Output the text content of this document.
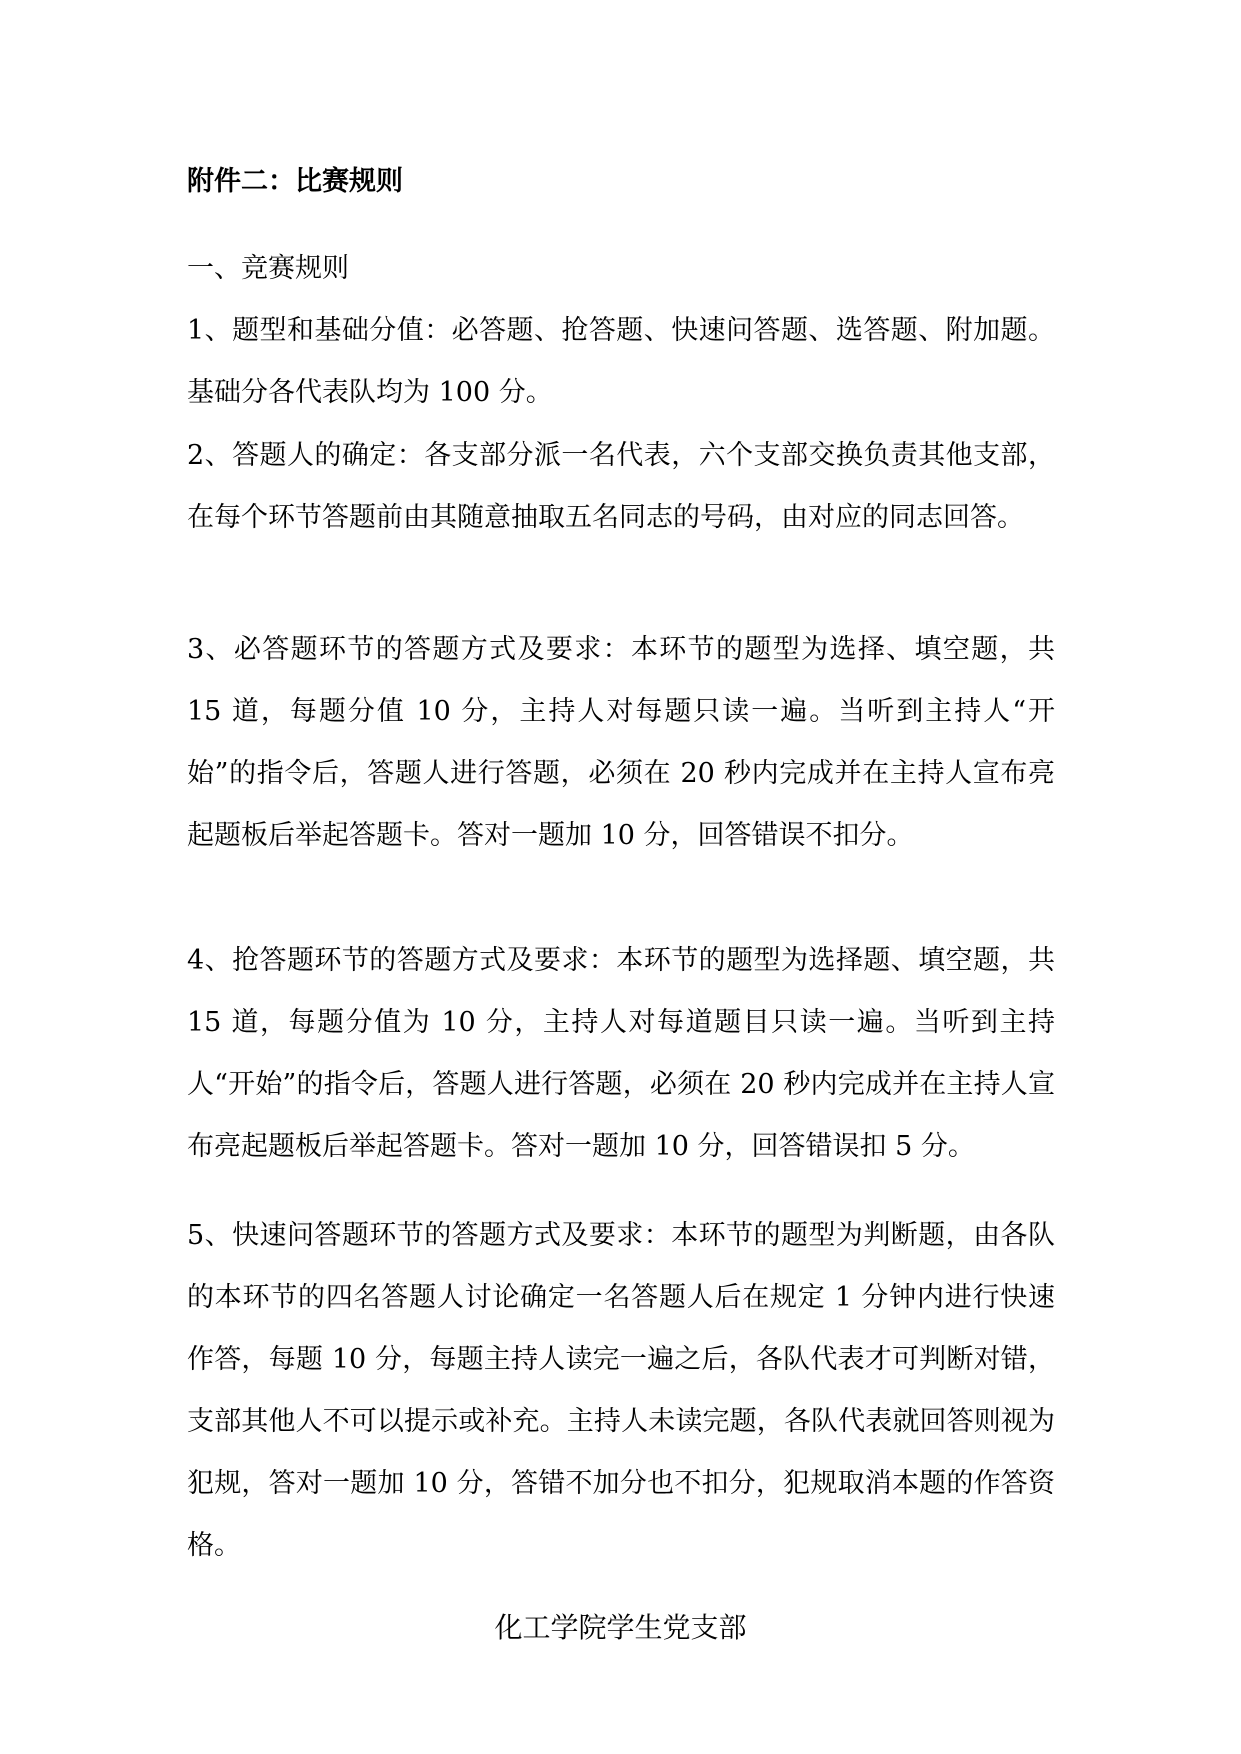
附件二：比赛规则
一、竞赛规则

1、题型和基础分值：必答题、抢答题、快速问答题、选答题、附加题。基础分各代表队均为 100 分。

2、答题人的确定：各支部分派一名代表，六个支部交换负责其他支部，在每个环节答题前由其随意抽取五名同志的号码，由对应的同志回答。

3、必答题环节的答题方式及要求：本环节的题型为选择、填空题，共 15 道，每题分值 10 分，主持人对每题只读一遍。当听到主持人“开始”的指令后，答题人进行答题，必须在 20 秒内完成并在主持人宣布亮起题板后举起答题卡。答对一题加 10 分，回答错误不扣分。

4、抢答题环节的答题方式及要求：本环节的题型为选择题、填空题，共 15 道，每题分值为 10 分，主持人对每道题目只读一遍。当听到主持人“开始”的指令后，答题人进行答题，必须在 20 秒内完成并在主持人宣布亮起题板后举起答题卡。答对一题加 10 分，回答错误扣 5 分。

5、快速问答题环节的答题方式及要求：本环节的题型为判断题，由各队的本环节的四名答题人讨论确定一名答题人后在规定 1 分钟内进行快速作答，每题 10 分，每题主持人读完一遍之后，各队代表才可判断对错，支部其他人不可以提示或补充。主持人未读完题，各队代表就回答则视为犯规，答对一题加 10 分，答错不加分也不扣分，犯规取消本题的作答资格。

化工学院学生党支部
